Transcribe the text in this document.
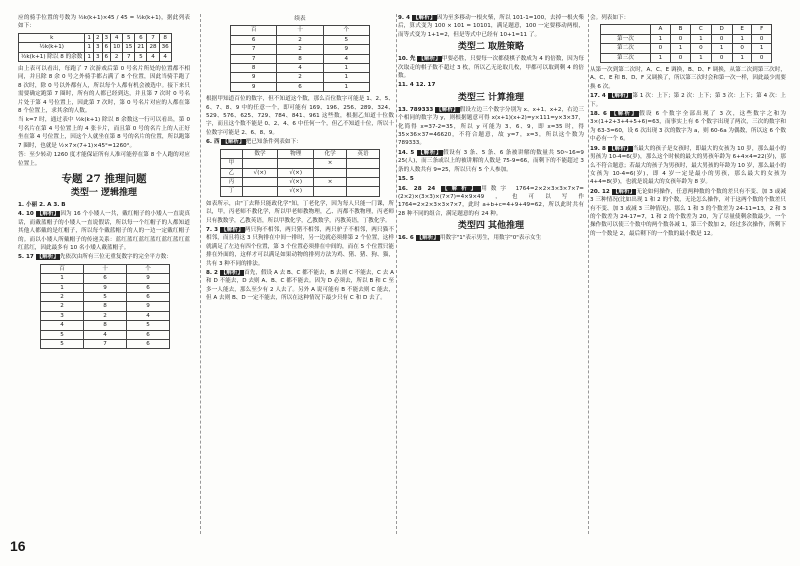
应的骑手位置的号数为 ½k(k+1)×45 / 45 = ½k(k+1)，据此列表如下：

k	1	2	3	4	5	6	7	8
½k(k+1)	1	3	6	10	15	21	28	36
½k(k+1) 除以 8 的余数	1	3	6	2	7	5	4	4

由上表可以看出，每跑了 7 次游戏后第 0 号名片所处的位置都不相同，并且除 8 余 0 号之外骑手都占满了 8 个位置，因此当骑手跑了 8 次时，除 0 号以外都有人，所以每个人都有机会被选中。接下来只需要确定跑第 7 圈时，所有的人都已经到达，并且第 7 次时 0 号名片处于第 4 号位置上，因此第 7 次时，第 0 号名片对应的人都在第 8 个位置上，求其余的人数。

当 k=7 时，通过表中 ½k(k+1) 除以 8 余数这一行可以看出，第 0 号名片在第 4 号位置上的 4 张卡片，而且第 0 号的名片上的人正好坐在第 4 号位置上，因这个人就坐在第 8 号的名片的位置，所以跑第 7 圈时，也就是 ½×7×(7+1)×45°=1260°。

答：至少转动 1260 度才能保证所有人准可能停在第 8 个人跑的对应位置上。

专题 27 推理问题
类型一 逻辑推理

1. 小丽 2. A 3. B

4. 10 【解析】因为 16 个小矮人一共，戴红帽子的小矮人一直说真话，而戴蓝帽子的小矮人一直说假话，所以每一个红帽子的人都知道其他人都戴的是红帽子，所以每个戴蓝帽子的人的一边一定戴红帽子的。而以小矮人所戴帽子的传递关系：蓝红蓝红蓝红蓝红蓝红蓝红蓝红蓝红，因此最多有 10 名小矮人戴蓝帽子。

5. 17 【解析】先依次由所有三位无重复数字的完全平方数：

百	十	个
1	6	9
1	9	6
2	5	6
2	8	9
3	2	4
4	8	5
5	4	6
5	7	6
续表
百	十	个
6	2	5
7	2	9
7	8	4
8	4	1
9	2	1
9	6	1

根据甲知道百位的数字，但不知道这个数，那么百位数字可能是 1、2、5、6、7、8、9 中的任意一个，即可能有 169、196、256、289、324、529、576、625、729、784、841、961 这些数，根据乙知道十位数字，而且这个数不能是 0、2、4、6 中任何一个，但乙不知道十位，所以十位数字可能是 2、6、8、9。

6. 西 【解析】把已知条件列表如下：

	数学	物理	化学	英语
甲			×	
乙	√(×)	√(×)		
丙		√(×)	×	
丁		√(×)		

如表所示，由"丁去释只能政化学"知，丁老化学，因为每人只能一门课，所以，甲，丙老师不教化学，所以甲老师教物理，乙、丙都不教物理，丙老师只有教数学，乙教英语，所以甲教化学，乙教数学，丙教英语，丁教化学。

7. 3 【解析】两只狗不相邻，两只猪不相邻，两只驴子不相邻，两只猫不相邻，而且将这 3 只狗排在中间一排时，另一边就必须排第 2 个位置，这样就满足了左边有四个位置，第 3 个位置必须排在中间的，而在 5 个位置只能排在外面的，这样才可以满足如果动物的排列方法为鸡、猪、猪、狗、猫，共有 3 种不同的排法。

8. 2 【解析】首先，假设 A 去 B、C 都不能去，B 去则 C 不能去，C 去 A 和 D 不能去，D 去则 A、B、C 都不能去。因为 D 必须去，所以 B 和 C 至多一人能去，那么至少有 2 人去了。另外 A 说可能有 B 不能去则 C 能去，但 A 去则 B、D 一定不能去，所以在这种情况下最少只有 C 和 D 去了。

9. 4 【解析】因为至多移动一根火柴，所以 101-1=100，去掉一根火柴后，算式变为 100 × 101 = 10101，满足题意，100 一定要移动两根，而等式变为 1+1=2，但是等式中已经有 10+1=11 了。

类型二 取胜策略

10. 先 【解析】甲要必胜，只要每一次都使棋子数成为 4 的倍数，因为每次取走的棋子数不超过 3 枚，所以乙无论取几枚，甲都可以取到剩 4 的倍数。

11. 4 12. 17

类型三 计算推理

13. 789333 【解析】假设左边三个数字分别为 x、x+1、x+2，右边三个相同的数字为 y，则根据题意可得 x(x+1)(x+2)=y×111=y×3×37，化简得 x=37-2=35，所以 y 可能为 3、6、9，即 x=35 时，得 35×36×37=46620，不符合题意，故 y=7，x=3，所以这个数为 789333。

14. 5 【解析】假设有 3 条、5 条、6 条被讲解的数量共 50~16=9 25(人)，而三条或以上的被讲解的人数是 75-9=66，而剩下的不能超过 3 条的人数共有 9=25，所以只有 5 个人参加。

15. 5

16. 28 24 【解析】用数字 1764=2×2×3×3×7×7=(2×2)×(3×3)×(7×7)=4×9×49，也可以写作 1764=2×2×3×3×7×7，此时 a+b+c=4+9+49=62，所以此时共有 28 种不同的组合，满足题意的有 24 种。

类型四 其他推理

16. 6 【解析】用数字"1"表示男生，用数字"0"表示女生

会。列表如下：

	A	B	C	D	E	F
第一次	1	0	1	0	1	0
第二次	0	1	0	1	0	1
第三次	1	0	1	0	1	0

从第一次到第二次时，A、C、E 调换，B、D、F 调换，从第二次到第三次时，A、C、E 和 B、D、F 又调换了，所以第三次时会和第一次一样，因此最少需要换 6 次。

17. 4 【解析】第 1 次：上下；第 2 次：上下；第 3 次：上下；第 4 次：上下。

18. 6 【解析】假设 6 个数字全部出现了 3 次，这些数字之和为 3×(1+2+3+4+5+6)=63，而事实上有 6 个数字出现了两次，三次的数字和为 63-3=60，设 6 次出现 3 次的数字为 a，则 60-6a 为偶数，所以这 6 个数中必有一个 6。

19. 8 【解析】当最大的孩子是女孩时，即最大的女孩为 10 岁，那么最小的男孩为 10-4=6(岁)，那么这个时候的最大的男孩年龄为 6+4×4=22(岁)，那么不符合题意；若最大的孩子为男孩时，最大男孩的年龄为 10 岁，那么最小的女孩为 10-4=6(岁)，即 4 岁一定是最小的男孩，那么最大的女孩为 4+4=8(岁)，也就是说最大的女孩年龄为 8 岁。

20. 12 【解析】无论如何操作，任意两种数的个数的差只有不变、加 3 或减 3 三种情况(比如出现 1 和 2 的个数，无论怎么操作，对于这两个数的个数差只有不变、加 3 或减 3 三种情况)。那么 1 和 3 的个数差为 24-11=13，2 和 3 的个数差为 24-17=7，1 和 2 的个数差为 20，为了尽量使剩余数最少，一个操作数可以使三个数中的两个数各减 1，第三个数加 2，经过多次操作，所剩下的一个数是 2，最后剩下的一个数的最小数是 12。

16
